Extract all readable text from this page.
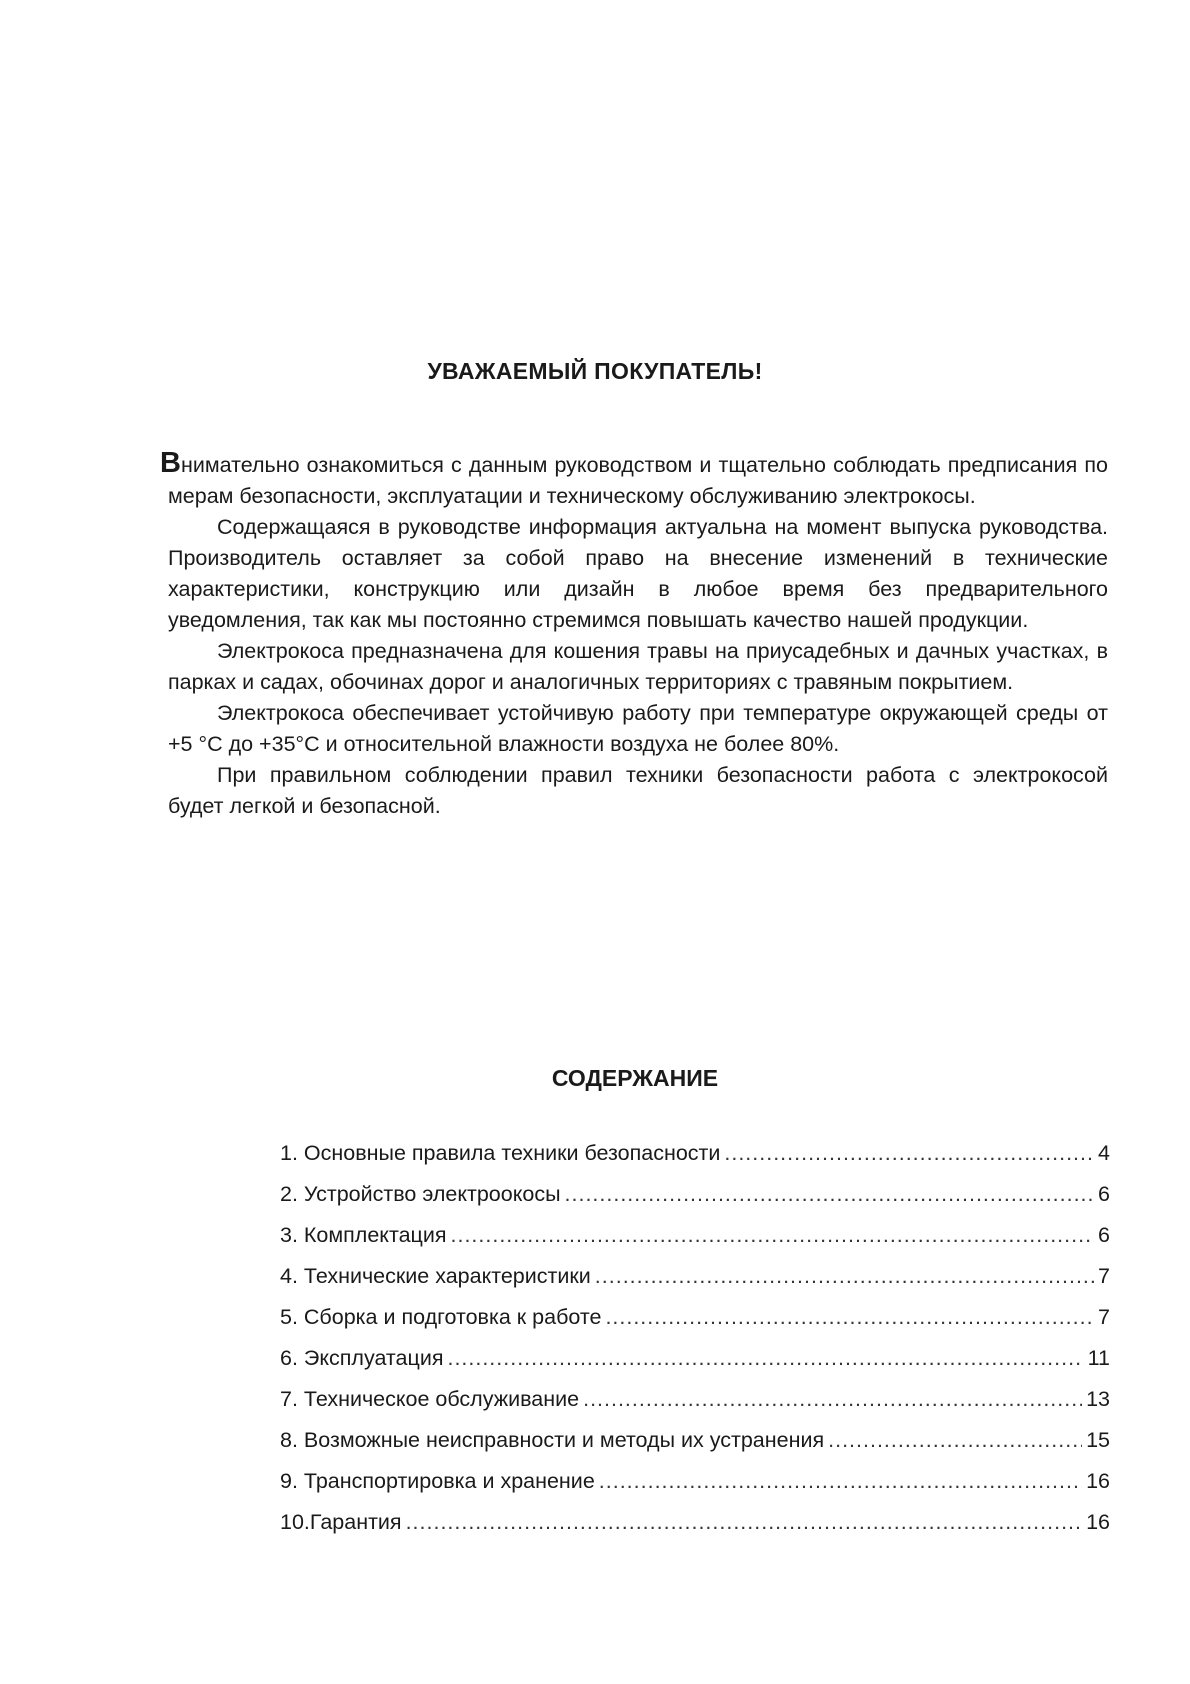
УВАЖАЕМЫЙ ПОКУПАТЕЛЬ!

Внимательно ознакомиться с данным руководством и тщательно соблюдать предписания по мерам безопасности, эксплуатации и техническому обслуживанию электрокосы.

Содержащаяся в руководстве информация актуальна на момент выпуска руководства. Производитель оставляет за собой право на внесение изменений в технические характеристики, конструкцию или дизайн в любое время без предварительного уведомления, так как мы постоянно стремимся повышать качество нашей продукции.

Электрокоса предназначена для кошения травы на приусадебных и дачных участках, в парках и садах, обочинах дорог и аналогичных территориях с травяным покрытием.

Электрокоса обеспечивает устойчивую работу при температуре окружающей среды от +5 °С до +35°С и относительной влажности воздуха не более 80%.

При правильном соблюдении правил техники безопасности работа с электрокосой будет легкой и безопасной.

СОДЕРЖАНИЕ
1. Основные правила техники безопасности .....	4
2. Устройство электроокосы .....	6
3. Комплектация .....	6
4. Технические характеристики .....	7
5. Сборка и подготовка к работе .....	7
6. Эксплуатация .....	11
7. Техническое обслуживание .....	13
8. Возможные неисправности и методы их устранения .....	15
9. Транспортировка и хранение .....	16
10.Гарантия .....	16
